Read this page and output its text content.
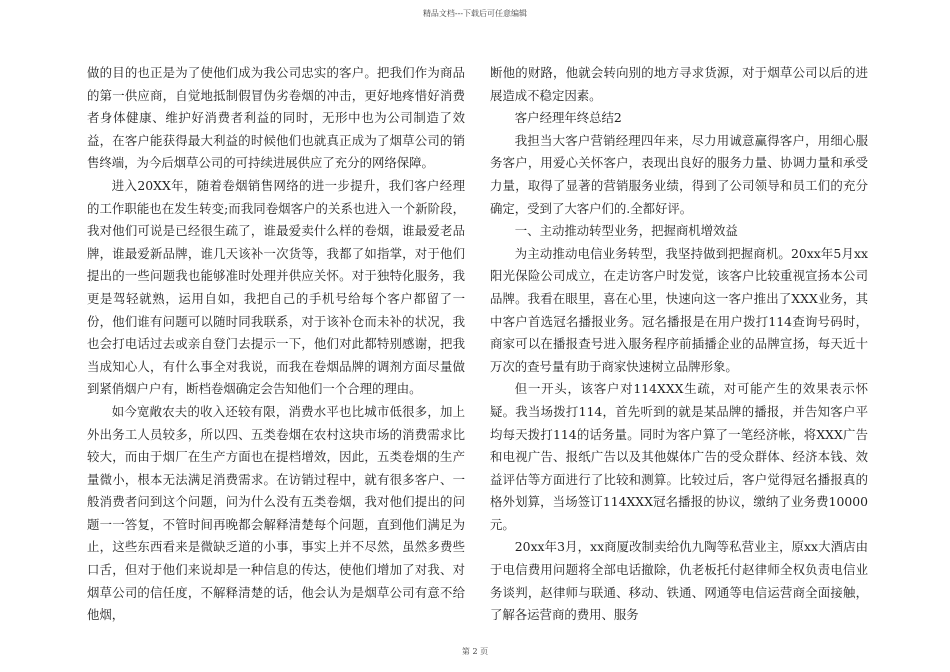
精品文档---下载后可任意编辑

做的目的也正是为了使他们成为我公司忠实的客户。把我们作为商品的第一供应商，自觉地抵制假冒伪劣卷烟的冲击，更好地疼惜好消费者身体健康、维护好消费者利益的同时，无形中也为公司制造了效益，在客户能获得最大利益的时候他们也就真正成为了烟草公司的销售终端，为今后烟草公司的可持续进展供应了充分的网络保障。

进入20XX年，随着卷烟销售网络的进一步提升，我们客户经理的工作职能也在发生转变;而我同卷烟客户的关系也进入一个新阶段，我对他们可说是已经很生疏了，谁最爱卖什么样的卷烟，谁最爱老品牌，谁最爱新品牌，谁几天该补一次货等，我都了如指掌，对于他们提出的一些问题我也能够准时处理并供应关怀。对于独特化服务，我更是驾轻就熟，运用自如，我把自己的手机号给每个客户都留了一份，他们谁有问题可以随时同我联系，对于该补仓而未补的状况，我也会打电话过去或亲自登门去提示一下，他们对此都特别感谢，把我当成知心人，有什么事全对我说，而我在卷烟品牌的调剂方面尽量做到紧俏烟户户有，断档卷烟确定会告知他们一个合理的理由。

如今宽敞农夫的收入还较有限，消费水平也比城市低很多，加上外出务工人员较多，所以四、五类卷烟在农村这块市场的消费需求比较大，而由于烟厂在生产方面也在提档增效，因此，五类卷烟的生产量微小，根本无法满足消费需求。在访销过程中，就有很多客户、一般消费者问到这个问题，问为什么没有五类卷烟，我对他们提出的问题一一答复，不管时间再晚都会解释清楚每个问题，直到他们满足为止，这些东西看来是微缺乏道的小事，事实上并不尽然，虽然多费些口舌，但对于他们来说却是一种信息的传达，使他们增加了对我、对烟草公司的信任度，不解释清楚的话，他会认为是烟草公司有意不给他烟，

断他的财路，他就会转向别的地方寻求货源，对于烟草公司以后的进展造成不稳定因素。

客户经理年终总结2

我担当大客户营销经理四年来，尽力用诚意赢得客户，用细心服务客户，用爱心关怀客户，表现出良好的服务力量、协调力量和承受力量，取得了显著的营销服务业绩，得到了公司领导和员工们的充分确定，受到了大客户们的.全都好评。

一、主动推动转型业务，把握商机增效益

为主动推动电信业务转型，我坚持做到把握商机。20xx年5月xx阳光保险公司成立，在走访客户时发觉，该客户比较重视宣扬本公司品牌。我看在眼里，喜在心里，快速向这一客户推出了XXX业务，其中客户首选冠名播报业务。冠名播报是在用户拨打114查询号码时，商家可以在播报查号进入服务程序前插播企业的品牌宣扬，每天近十万次的查号量有助于商家快速树立品牌形象。

但一开头，该客户对114XXX生疏，对可能产生的效果表示怀疑。我当场拨打114，首先听到的就是某品牌的播报，并告知客户平均每天拨打114的话务量。同时为客户算了一笔经济帐，将XXX广告和电视广告、报纸广告以及其他媒体广告的受众群体、经济本钱、效益评估等方面进行了比较和测算。比较过后，客户觉得冠名播报真的格外划算，当场签订114XXX冠名播报的协议，缴纳了业务费10000元。

20xx年3月，xx商厦改制卖给仇九陶等私营业主，原xx大酒店由于电信费用问题将全部电话撤除，仇老板托付赵律师全权负责电信业务谈判，赵律师与联通、移动、铁通、网通等电信运营商全面接触，了解各运营商的费用、服务

第 2 页
